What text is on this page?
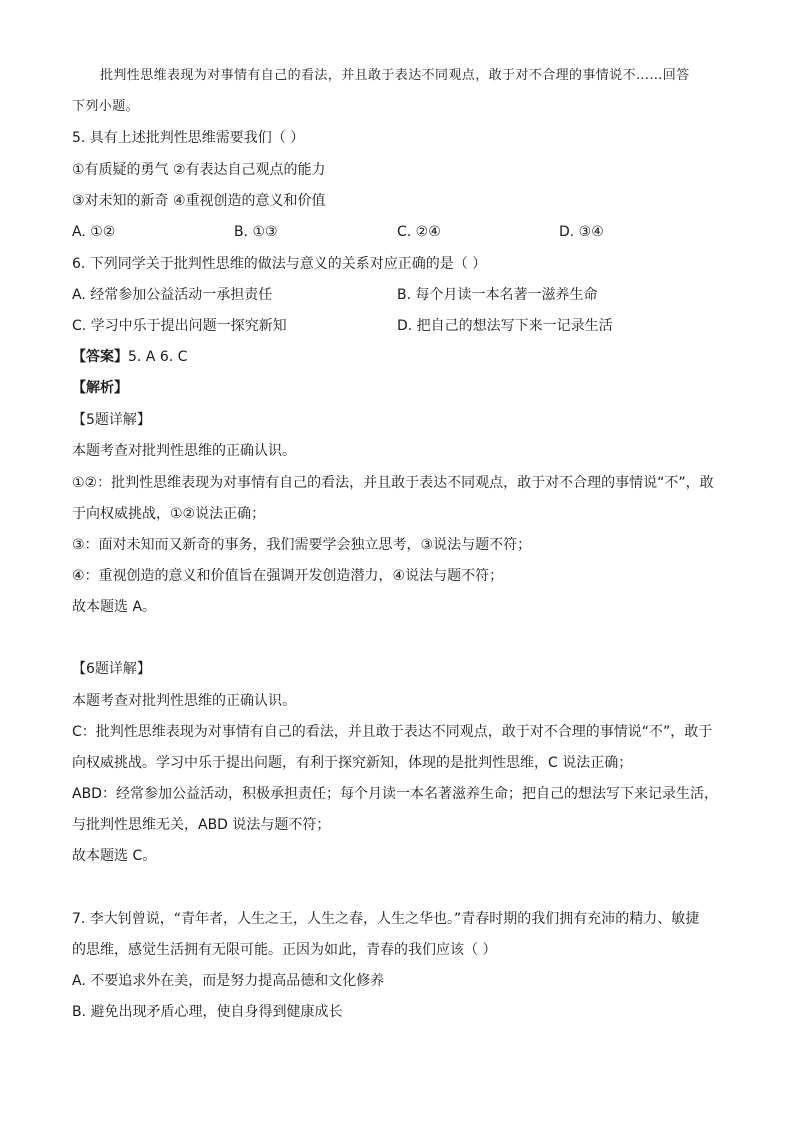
批判性思维表现为对事情有自己的看法，并且敢于表达不同观点，敢于对不合理的事情说不……回答
下列小题。
5. 具有上述批判性思维需要我们（ ）
①有质疑的勇气 ②有表达自己观点的能力
③对未知的新奇 ④重视创造的意义和价值
A. ①②	B. ①③	C. ②④	D. ③④
6. 下列同学关于批判性思维的做法与意义的关系对应正确的是（ ）
A. 经常参加公益活动一承担责任	B. 每个月读一本名著一滋养生命
C. 学习中乐于提出问题一探究新知	D. 把自己的想法写下来一记录生活
【答案】5. A 6. C
【解析】
【5题详解】
本题考查对批判性思维的正确认识。
①②：批判性思维表现为对事情有自己的看法，并且敢于表达不同观点，敢于对不合理的事情说“不”，敢
于向权威挑战，①②说法正确；
③：面对未知而又新奇的事务，我们需要学会独立思考，③说法与题不符；
④：重视创造的意义和价值旨在强调开发创造潜力，④说法与题不符；
故本题选 A。
【6题详解】
本题考查对批判性思维的正确认识。
C：批判性思维表现为对事情有自己的看法，并且敢于表达不同观点，敢于对不合理的事情说“不”，敢于
向权威挑战。学习中乐于提出问题，有利于探究新知，体现的是批判性思维，C 说法正确；
ABD：经常参加公益活动，积极承担责任；每个月读一本名著滋养生命；把自己的想法写下来记录生活，
与批判性思维无关，ABD 说法与题不符；
故本题选 C。
7. 李大钊曾说，“青年者，人生之王，人生之春，人生之华也。”青春时期的我们拥有充沛的精力、敏捷
的思维，感觉生活拥有无限可能。正因为如此，青春的我们应该（ ）
A. 不要追求外在美，而是努力提高品德和文化修养
B. 避免出现矛盾心理，使自身得到健康成长
